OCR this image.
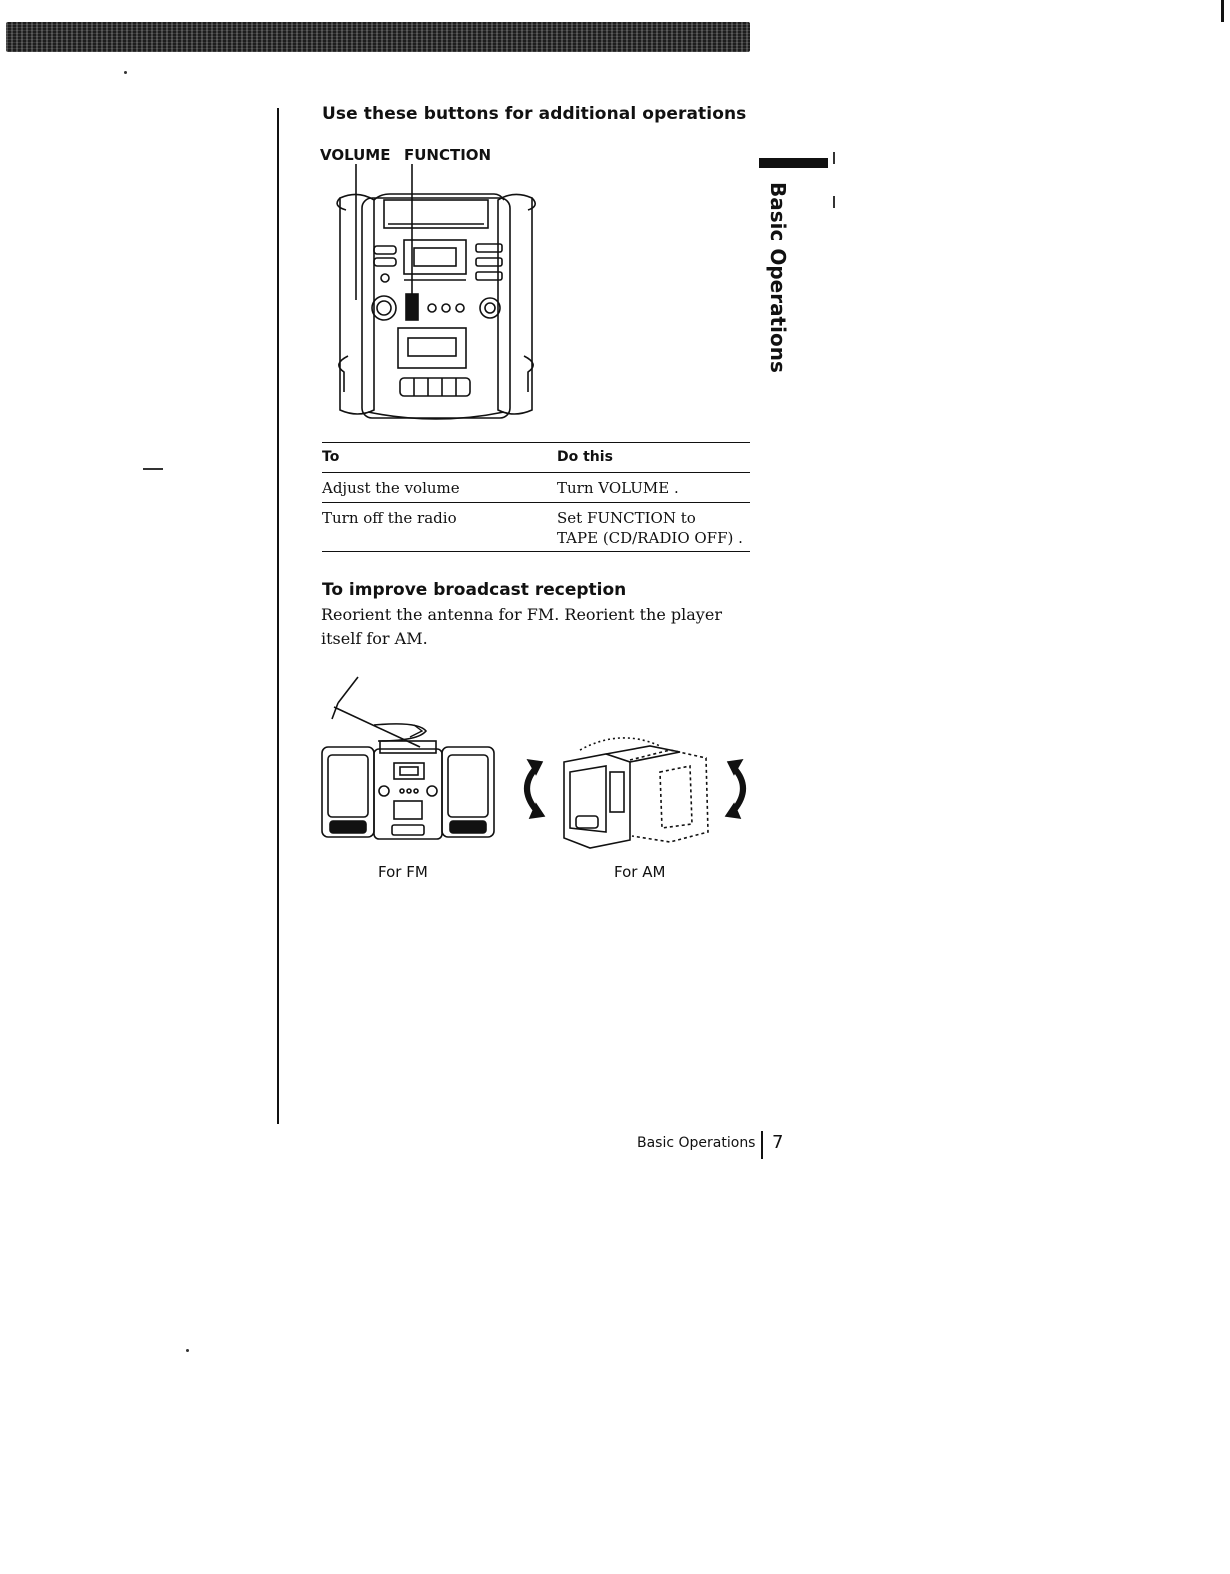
Use these buttons for additional operations
VOLUME FUNCTION
To	Do this
Adjust the volume	Turn VOLUME .
Turn off the radio	Set FUNCTION to
TAPE (CD/RADIO OFF) .
Basic Operations
To improve broadcast reception
Reorient the antenna for FM. Reorient the player itself for AM.
For FM	For AM
Basic Operations 7
